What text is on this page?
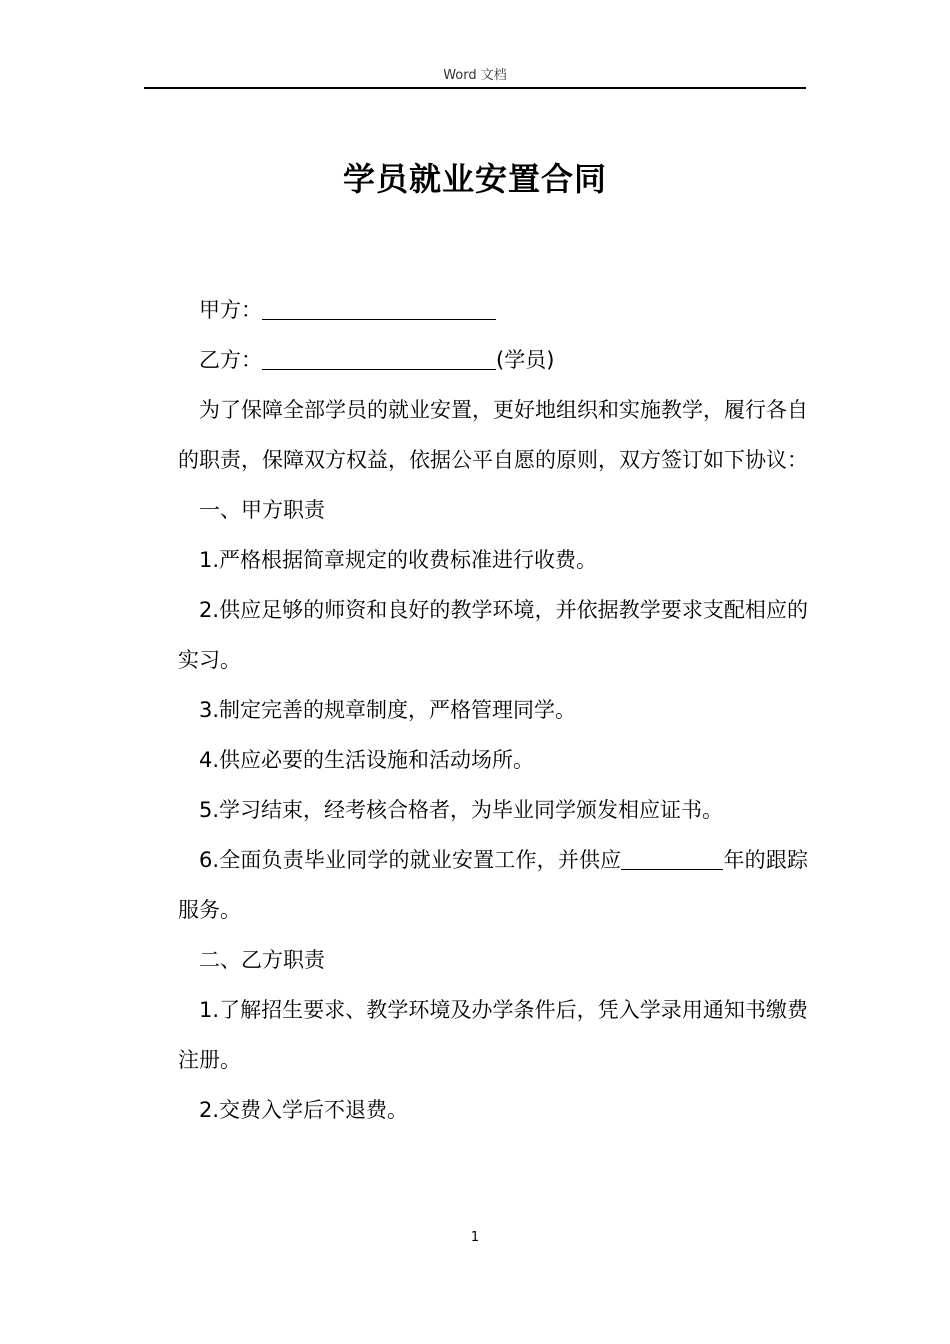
Word 文档
学员就业安置合同

甲方：

乙方：	(学员)

为了保障全部学员的就业安置，更好地组织和实施教学，履行各自的职责，保障双方权益，依据公平自愿的原则，双方签订如下协议：

一、甲方职责

1.严格根据简章规定的收费标准进行收费。

2.供应足够的师资和良好的教学环境，并依据教学要求支配相应的实习。

3.制定完善的规章制度，严格管理同学。

4.供应必要的生活设施和活动场所。

5.学习结束，经考核合格者，为毕业同学颁发相应证书。

6.全面负责毕业同学的就业安置工作，并供应	年的跟踪服务。

二、乙方职责

1.了解招生要求、教学环境及办学条件后，凭入学录用通知书缴费注册。

2.交费入学后不退费。

1
